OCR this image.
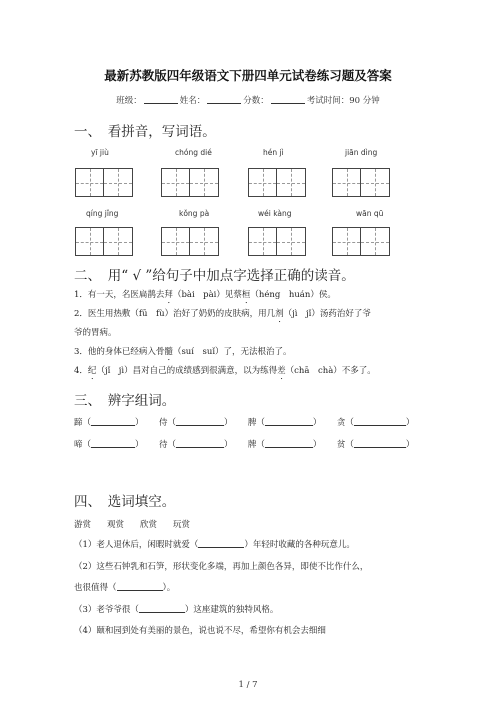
最新苏教版四年级语文下册四单元试卷练习题及答案
班级：	姓名：	分数：	考试时间：90 分钟
一、　看拼音，写词语。
yī jiù	chóng dié	hén jì	jiān dìng
qíng jǐng	kǒng pà	wéi kàng	wān qū
二、　用“ √ ”给句子中加点字选择正确的读音。
1．有一天，名医扁鹊去拜（bài　pài）见蔡桓（héng　huán）侯。
2．医生用热敷（fū　fù）治好了奶奶的皮肤病，用几剂（jì　jǐ）汤药治好了爷
爷的胃病。
3．他的身体已经病入骨髓（suí　suǐ）了，无法根治了。
4．纪（jǐ　jì）昌对自己的成绩感到很满意，以为练得差（chā　chà）不多了。
三、　辨字组词。
蹄（	） 侍（	） 脾（	） 贪（	）
啼（	） 待（	） 牌（	） 贫（	）
四、　选词填空。
游赏 观赏 欣赏 玩赏
（1）老人退休后，闲暇时就爱（	）年轻时收藏的各种玩意儿。
（2）这些石钟乳和石笋，形状变化多端，再加上颜色各异，即使不比作什么，
也很值得（	）。
（3）老爷爷很（	）这座建筑的独特风格。
（4）颐和园到处有美丽的景色，说也说不尽，希望你有机会去细细
1 / 7
